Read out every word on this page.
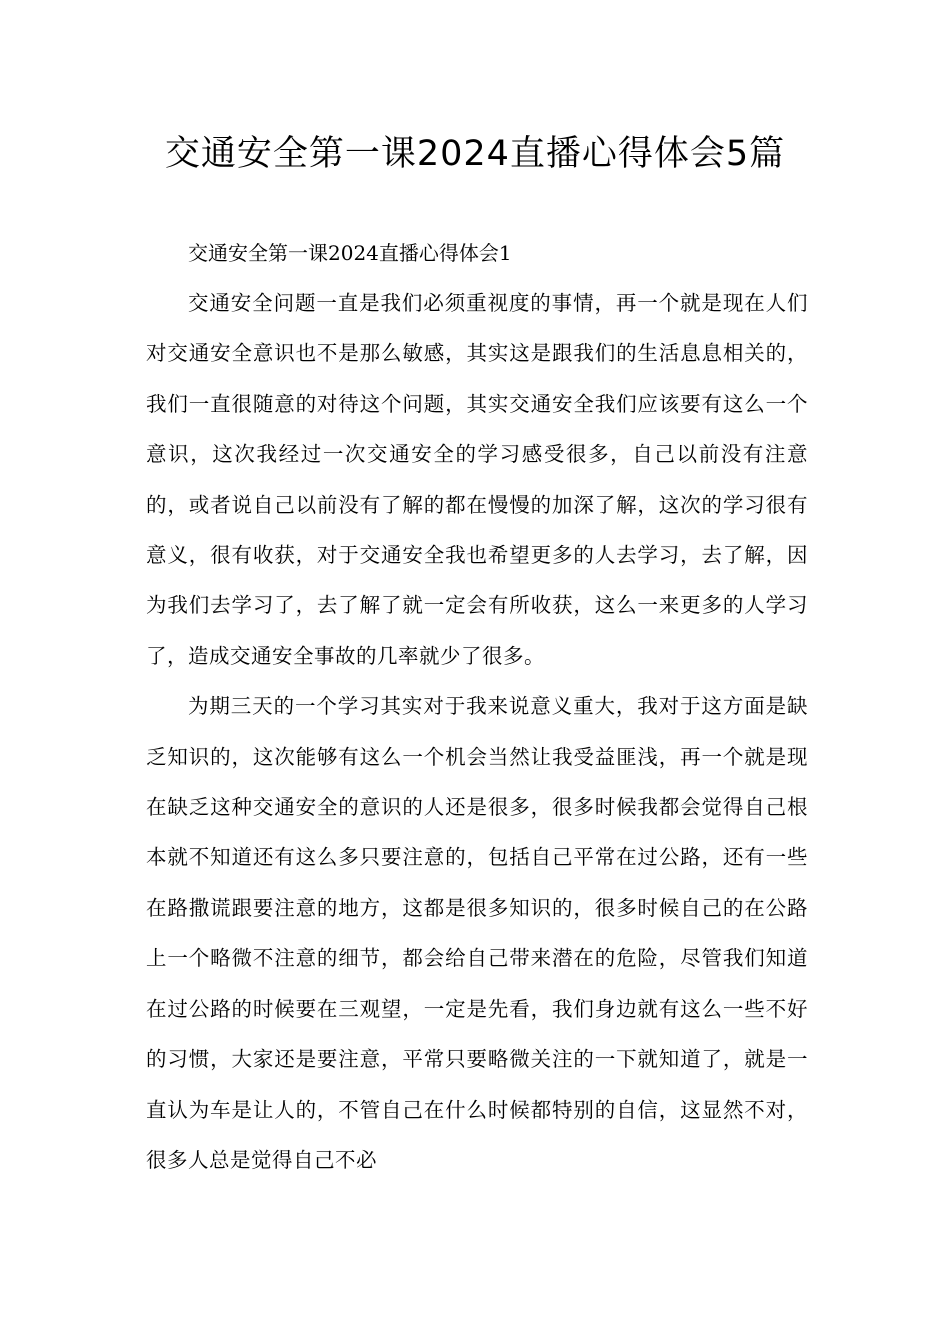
交通安全第一课2024直播心得体会5篇

交通安全第一课2024直播心得体会1

交通安全问题一直是我们必须重视度的事情，再一个就是现在人们对交通安全意识也不是那么敏感，其实这是跟我们的生活息息相关的，我们一直很随意的对待这个问题，其实交通安全我们应该要有这么一个意识，这次我经过一次交通安全的学习感受很多，自己以前没有注意的，或者说自己以前没有了解的都在慢慢的加深了解，这次的学习很有意义，很有收获，对于交通安全我也希望更多的人去学习，去了解，因为我们去学习了，去了解了就一定会有所收获，这么一来更多的人学习了，造成交通安全事故的几率就少了很多。

为期三天的一个学习其实对于我来说意义重大，我对于这方面是缺乏知识的，这次能够有这么一个机会当然让我受益匪浅，再一个就是现在缺乏这种交通安全的意识的人还是很多，很多时候我都会觉得自己根本就不知道还有这么多只要注意的，包括自己平常在过公路，还有一些在路撒谎跟要注意的地方，这都是很多知识的，很多时候自己的在公路上一个略微不注意的细节，都会给自己带来潜在的危险，尽管我们知道在过公路的时候要在三观望，一定是先看，我们身边就有这么一些不好的习惯，大家还是要注意，平常只要略微关注的一下就知道了，就是一直认为车是让人的，不管自己在什么时候都特别的自信，这显然不对，很多人总是觉得自己不必
